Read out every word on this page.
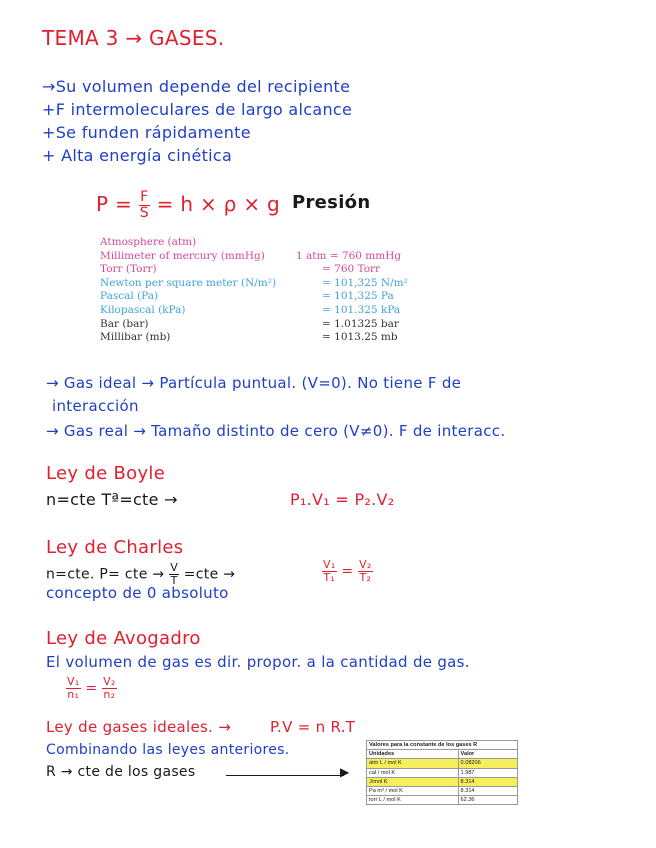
TEMA 3 → GASES.
→Su volumen depende del recipiente
+F intermoleculares de largo alcance
+Se funden rápidamente
+ Alta energía cinética
$P = \frac{F}{S} = h \times \rho \times g$ Presión
Atmosphere (atm)
Millimeter of mercury (mmHg)	1 atm = 760 mmHg
Torr (Torr)	= 760 Torr
Newton per square meter (N/m²)	= 101,325 N/m²
Pascal (Pa)	= 101,325 Pa
Kilopascal (kPa)	= 101.325 kPa
Bar (bar)	= 1.01325 bar
Millibar (mb)	= 1013.25 mb
→ Gas ideal → Partícula puntual. (V=0). No tiene F de
interacción
→ Gas real → Tamaño distinto de cero (V≠0). F de interacc.
Ley de Boyle
n=cte Tª=cte →	P₁.V₁ = P₂.V₂
Ley de Charles
n=cte. P= cte → $\frac{V}{T} =cte$ →	$\frac{\text{V₁}}{\text{T₁}} = \frac{\text{V₂}}{\text{T₂}}$
concepto de 0 absoluto
Ley de Avogadro
El volumen de gas es dir. propor. a la cantidad de gas.
$\frac{\text{V₁}}{\text{n₁}} = \frac{\text{V₂}}{\text{n₂}}$
Ley de gases ideales. →	P.V = n R.T
Combinando las leyes anteriores.
R → cte de los gases	▶
Valores para la constante de los gases R	
Unidades	Valor
atm L / mol K	0.08206
cal / mol K	1.987
J/mol K	8.314
Pa m³ / mol K	8.314
torr L / mol K	62.36
